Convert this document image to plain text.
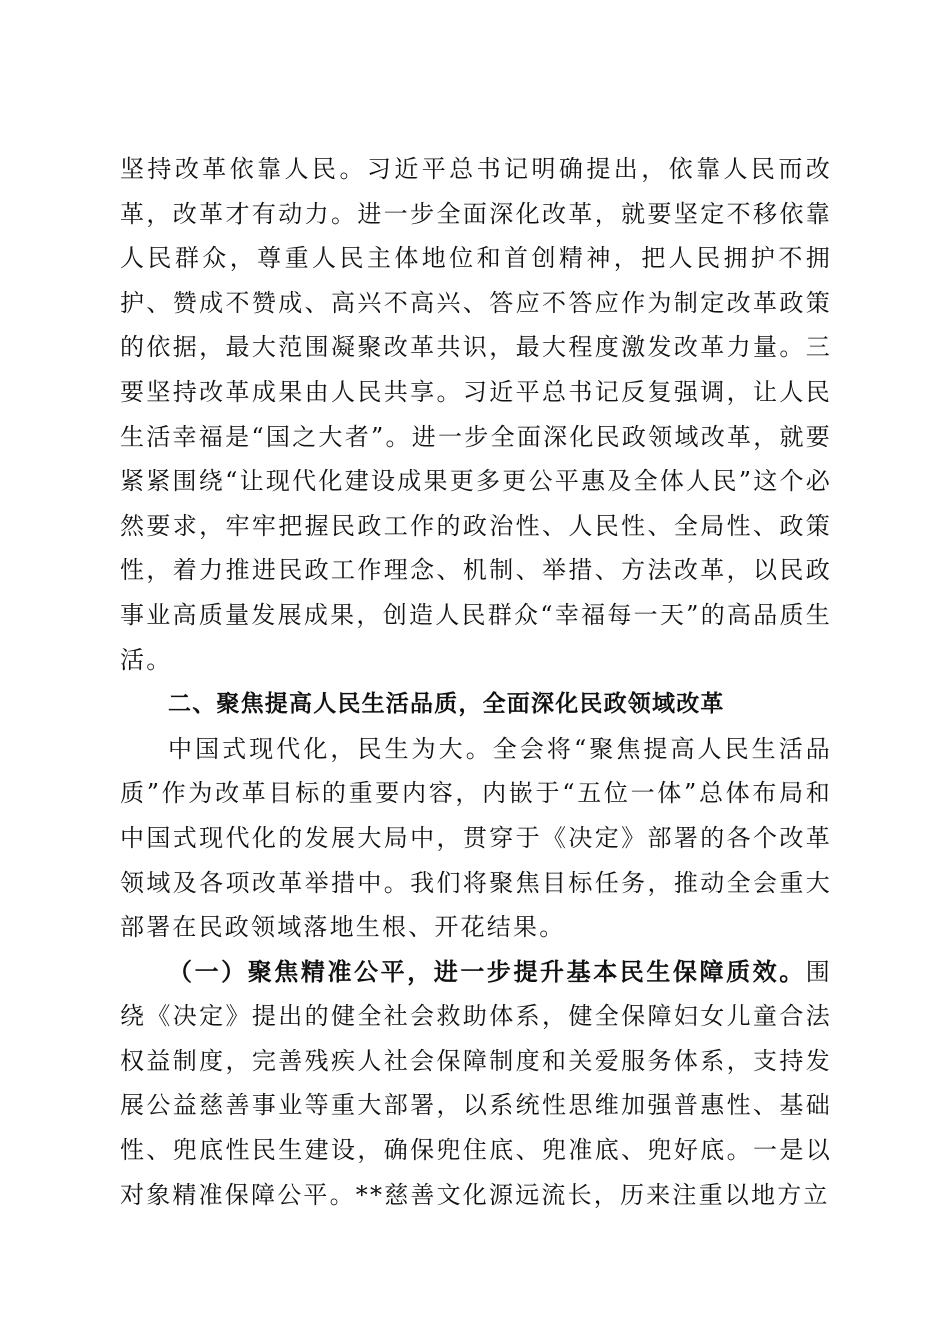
坚持改革依靠人民。习近平总书记明确提出，依靠人民而改革，改革才有动力。进一步全面深化改革，就要坚定不移依靠人民群众，尊重人民主体地位和首创精神，把人民拥护不拥护、赞成不赞成、高兴不高兴、答应不答应作为制定改革政策的依据，最大范围凝聚改革共识，最大程度激发改革力量。三要坚持改革成果由人民共享。习近平总书记反复强调，让人民生活幸福是“国之大者”。进一步全面深化民政领域改革，就要紧紧围绕“让现代化建设成果更多更公平惠及全体人民”这个必然要求，牢牢把握民政工作的政治性、人民性、全局性、政策性，着力推进民政工作理念、机制、举措、方法改革，以民政事业高质量发展成果，创造人民群众“幸福每一天”的高品质生活。

二、聚焦提高人民生活品质，全面深化民政领域改革

中国式现代化，民生为大。全会将“聚焦提高人民生活品质”作为改革目标的重要内容，内嵌于“五位一体”总体布局和中国式现代化的发展大局中，贯穿于《决定》部署的各个改革领域及各项改革举措中。我们将聚焦目标任务，推动全会重大部署在民政领域落地生根、开花结果。

（一）聚焦精准公平，进一步提升基本民生保障质效。围绕《决定》提出的健全社会救助体系，健全保障妇女儿童合法权益制度，完善残疾人社会保障制度和关爱服务体系，支持发展公益慈善事业等重大部署，以系统性思维加强普惠性、基础性、兜底性民生建设，确保兜住底、兜准底、兜好底。一是以对象精准保障公平。**慈善文化源远流长，历来注重以地方立
